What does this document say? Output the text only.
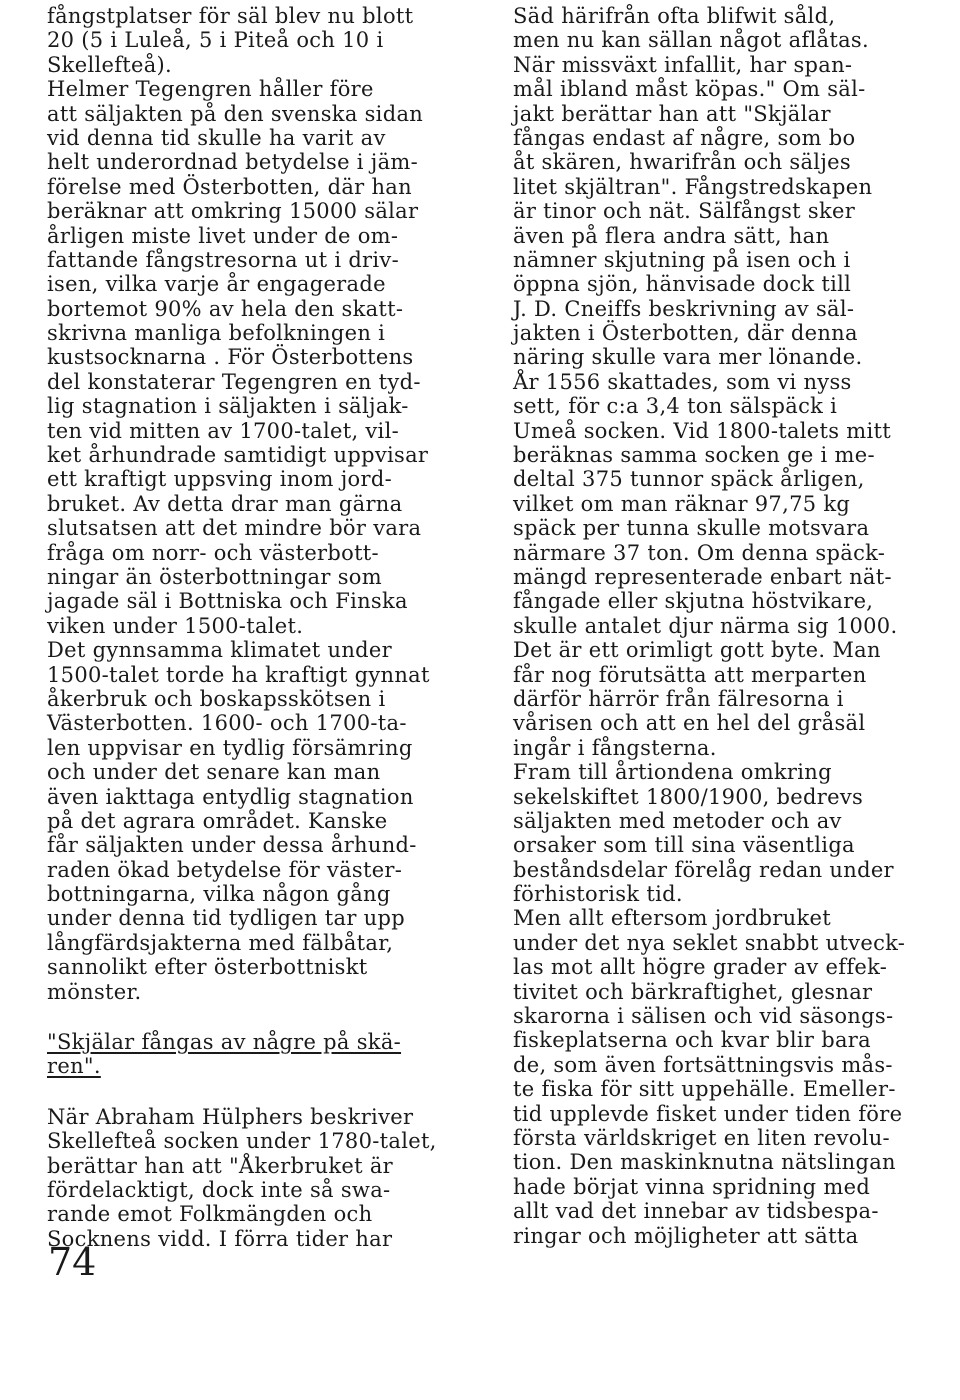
fångstplatser för säl blev nu blott
20 (5 i Luleå, 5 i Piteå och 10 i
Skellefteå).
Helmer Tegengren håller före
att säljakten på den svenska sidan
vid denna tid skulle ha varit av
helt underordnad betydelse i jäm-
förelse med Österbotten, där han
beräknar att omkring 15000 sälar
årligen miste livet under de om-
fattande fångstresorna ut i driv-
isen, vilka varje år engagerade
bortemot 90% av hela den skatt-
skrivna manliga befolkningen i
kustsocknarna . För Österbottens
del konstaterar Tegengren en tyd-
lig stagnation i säljakten i säljak-
ten vid mitten av 1700-talet, vil-
ket århundrade samtidigt uppvisar
ett kraftigt uppsving inom jord-
bruket. Av detta drar man gärna
slutsatsen att det mindre bör vara
fråga om norr- och västerbott-
ningar än österbottningar som
jagade säl i Bottniska och Finska
viken under 1500-talet.
Det gynnsamma klimatet under
1500-talet torde ha kraftigt gynnat
åkerbruk och boskapsskötsen i
Västerbotten. 1600- och 1700-ta-
len uppvisar en tydlig försämring
och under det senare kan man
även iakttaga entydlig stagnation
på det agrara området. Kanske
får säljakten under dessa århund-
raden ökad betydelse för väster-
bottningarna, vilka någon gång
under denna tid tydligen tar upp
långfärdsjakterna med fälbåtar,
sannolikt efter österbottniskt
mönster.
"Skjälar fångas av någre på skä-
ren".
När Abraham Hülphers beskriver
Skellefteå socken under 1780-talet,
berättar han att "Åkerbruket är
fördelacktigt, dock inte så swa-
rande emot Folkmängden och
Socknens vidd. I förra tider har
Säd härifrån ofta blifwit såld,
men nu kan sällan något aflåtas.
När missväxt infallit, har span-
mål ibland måst köpas." Om säl-
jakt berättar han att "Skjälar
fångas endast af någre, som bo
åt skären, hwarifrån och säljes
litet skjältran". Fångstredskapen
är tinor och nät. Sälfångst sker
även på flera andra sätt, han
nämner skjutning på isen och i
öppna sjön, hänvisade dock till
J. D. Cneiffs beskrivning av säl-
jakten i Österbotten, där denna
näring skulle vara mer lönande.
År 1556 skattades, som vi nyss
sett, för c:a 3,4 ton sälspäck i
Umeå socken. Vid 1800-talets mitt
beräknas samma socken ge i me-
deltal 375 tunnor späck årligen,
vilket om man räknar 97,75 kg
späck per tunna skulle motsvara
närmare 37 ton. Om denna späck-
mängd representerade enbart nät-
fångade eller skjutna höstvikare,
skulle antalet djur närma sig 1000.
Det är ett orimligt gott byte. Man
får nog förutsätta att merparten
därför härrör från fälresorna i
vårisen och att en hel del gråsäl
ingår i fångsterna.
Fram till årtiondena omkring
sekelskiftet 1800/1900, bedrevs
säljakten med metoder och av
orsaker som till sina väsentliga
beståndsdelar förelåg redan under
förhistorisk tid.
Men allt eftersom jordbruket
under det nya seklet snabbt utveck-
las mot allt högre grader av effek-
tivitet och bärkraftighet, glesnar
skarorna i sälisen och vid säsongs-
fiskeplatserna och kvar blir bara
de, som även fortsättningsvis mås-
te fiska för sitt uppehälle. Emeller-
tid upplevde fisket under tiden före
första världskriget en liten revolu-
tion. Den maskinknutna nätslingan
hade börjat vinna spridning med
allt vad det innebar av tidsbespa-
ringar och möjligheter att sätta
74
